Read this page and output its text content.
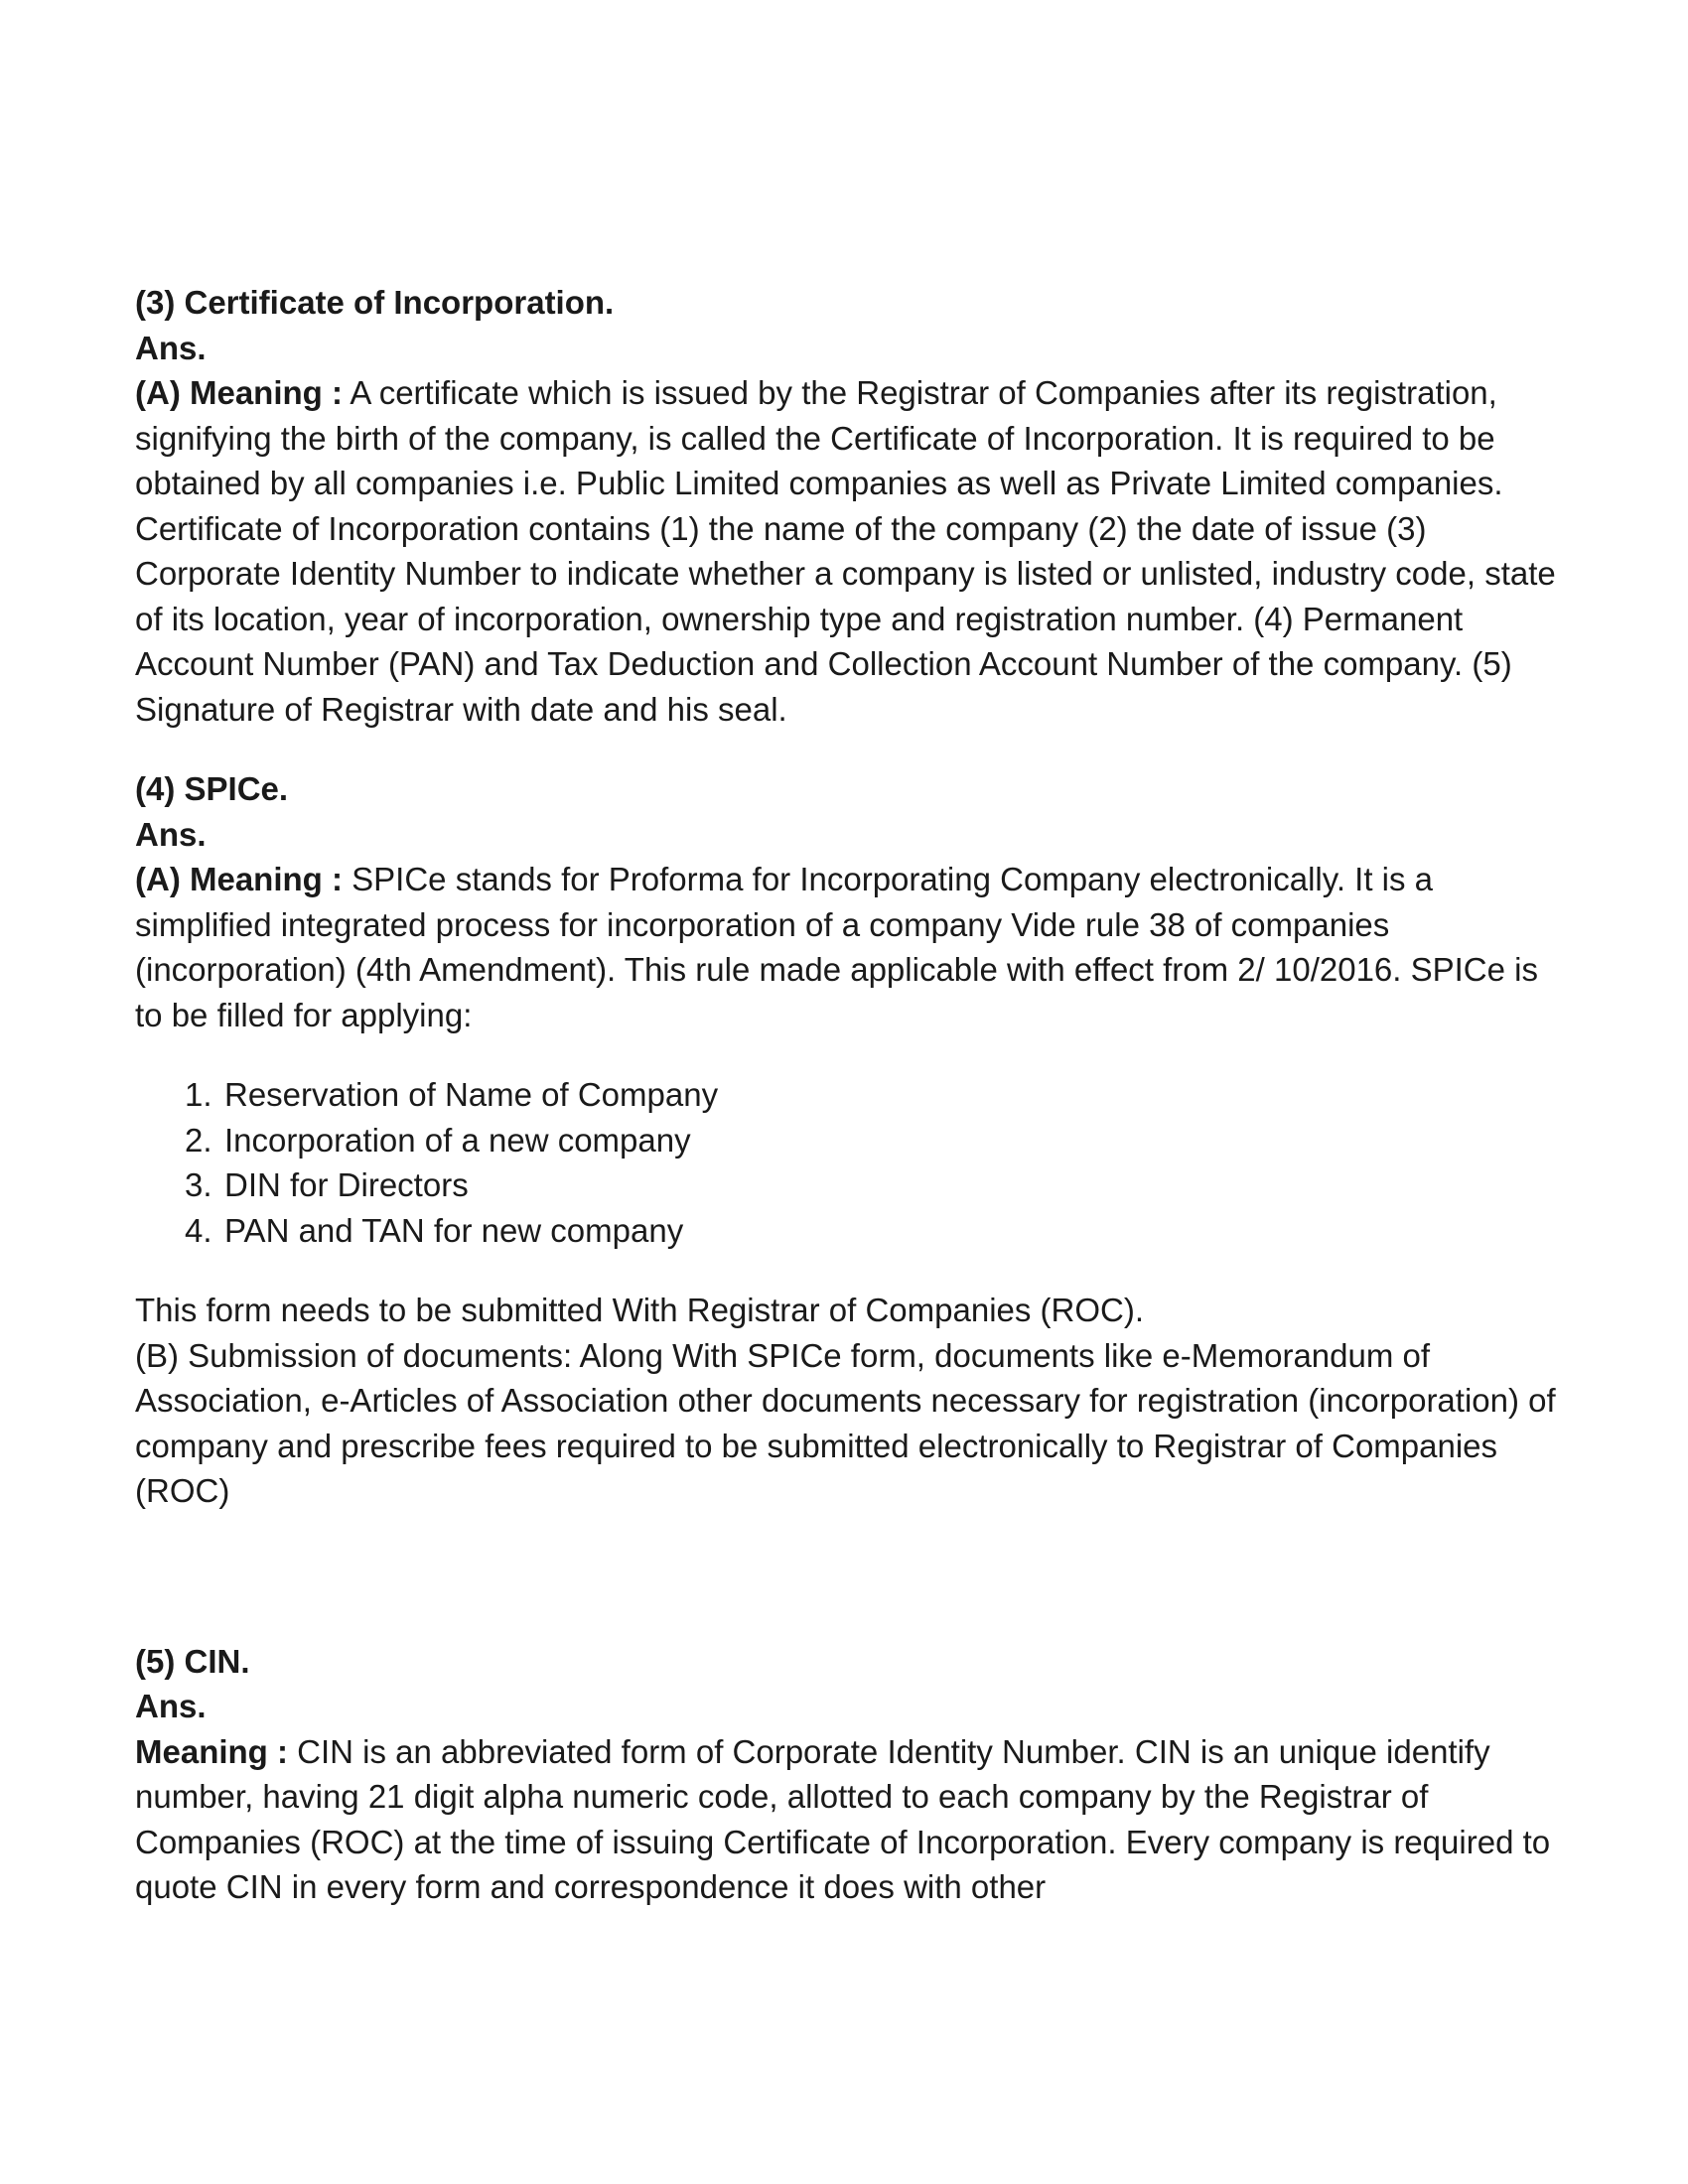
(3) Certificate of Incorporation.

Ans.

(A) Meaning : A certificate which is issued by the Registrar of Companies after its registration, signifying the birth of the company, is called the Certificate of Incorporation. It is required to be obtained by all companies i.e. Public Limited companies as well as Private Limited companies.

Certificate of Incorporation contains (1) the name of the company (2) the date of issue (3) Corporate Identity Number to indicate whether a company is listed or unlisted, industry code, state of its location, year of incorporation, ownership type and registration number. (4) Permanent Account Number (PAN) and Tax Deduction and Collection Account Number of the company. (5) Signature of Registrar with date and his seal.

(4) SPICe.

Ans.

(A) Meaning : SPICe stands for Proforma for Incorporating Company electronically. It is a simplified integrated process for incorporation of a company Vide rule 38 of companies (incorporation) (4th Amendment). This rule made applicable with effect from 2/ 10/2016. SPICe is to be filled for applying:

1. Reservation of Name of Company
2. Incorporation of a new company
3. DIN for Directors
4. PAN and TAN for new company

This form needs to be submitted With Registrar of Companies (ROC).

(B) Submission of documents: Along With SPICe form, documents like e-Memorandum of Association, e-Articles of Association other documents necessary for registration (incorporation) of company and prescribe fees required to be submitted electronically to Registrar of Companies (ROC)

(5) CIN.

Ans.

Meaning : CIN is an abbreviated form of Corporate Identity Number. CIN is an unique identify number, having 21 digit alpha numeric code, allotted to each company by the Registrar of Companies (ROC) at the time of issuing Certificate of Incorporation. Every company is required to quote CIN in every form and correspondence it does with other
